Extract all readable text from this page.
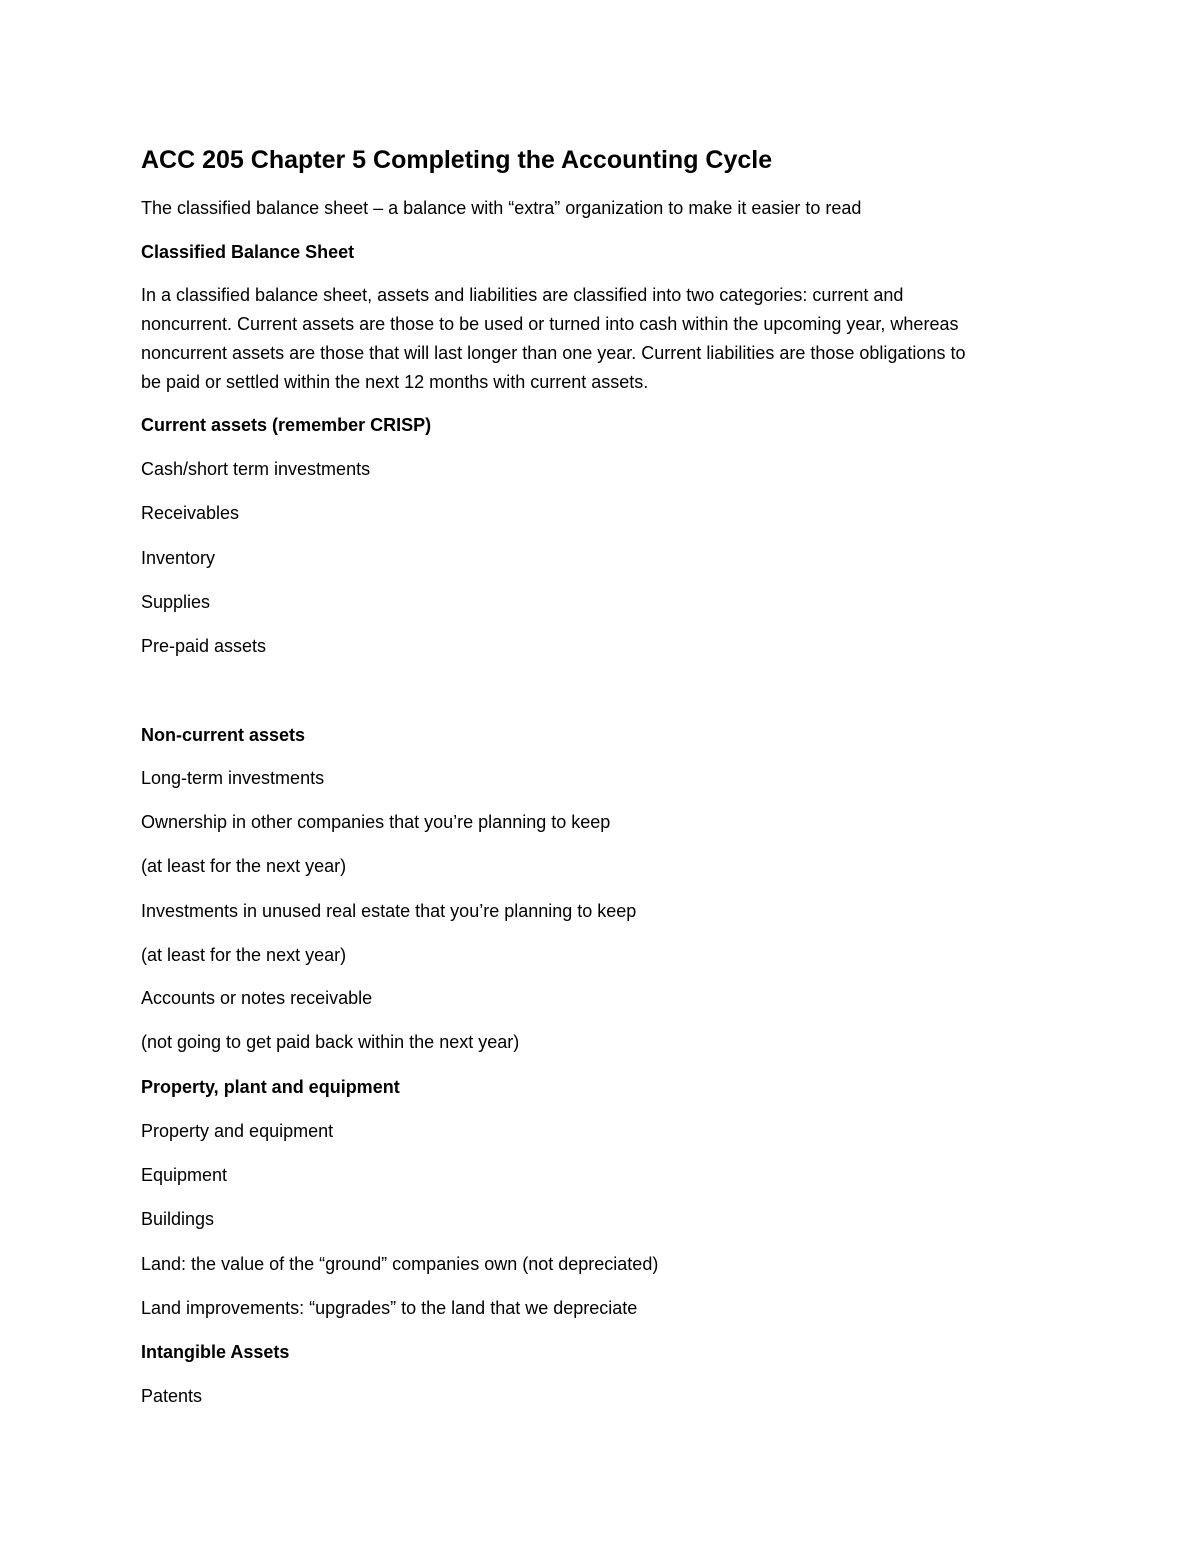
ACC 205 Chapter 5 Completing the Accounting Cycle

The classified balance sheet – a balance with “extra” organization to make it easier to read

Classified Balance Sheet

In a classified balance sheet, assets and liabilities are classified into two categories: current and
noncurrent. Current assets are those to be used or turned into cash within the upcoming year, whereas
noncurrent assets are those that will last longer than one year. Current liabilities are those obligations to
be paid or settled within the next 12 months with current assets.

Current assets (remember CRISP)

Cash/short term investments

Receivables

Inventory

Supplies

Pre-paid assets

Non-current assets

Long-term investments

Ownership in other companies that you’re planning to keep

(at least for the next year)

Investments in unused real estate that you’re planning to keep

(at least for the next year)

Accounts or notes receivable

(not going to get paid back within the next year)

Property, plant and equipment

Property and equipment

Equipment

Buildings

Land: the value of the “ground” companies own (not depreciated)

Land improvements: “upgrades” to the land that we depreciate

Intangible Assets

Patents
